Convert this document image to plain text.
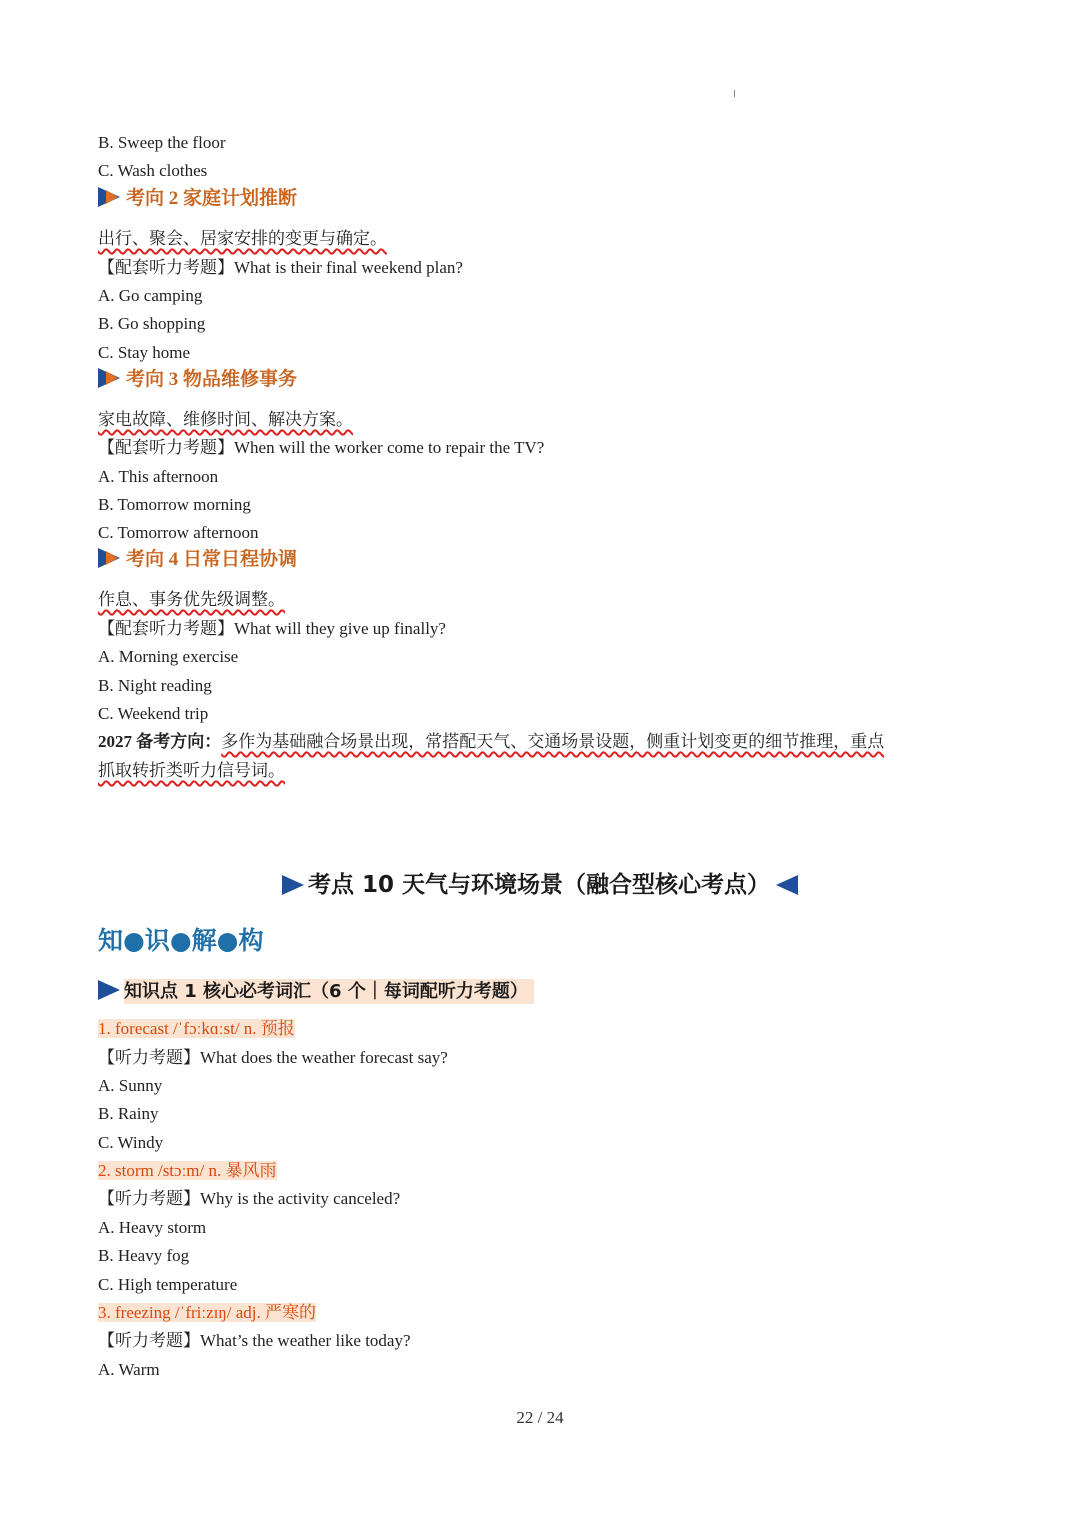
B. Sweep the floor
C. Wash clothes
考向 2 家庭计划推断
出行、聚会、居家安排的变更与确定。
【配套听力考题】What is their final weekend plan?
A. Go camping
B. Go shopping
C. Stay home
考向 3 物品维修事务
家电故障、维修时间、解决方案。
【配套听力考题】When will the worker come to repair the TV?
A. This afternoon
B. Tomorrow morning
C. Tomorrow afternoon
考向 4 日常日程协调
作息、事务优先级调整。
【配套听力考题】What will they give up finally?
A. Morning exercise
B. Night reading
C. Weekend trip
2027 备考方向：多作为基础融合场景出现，常搭配天气、交通场景设题，侧重计划变更的细节推理，重点
抓取转折类听力信号词。
考点 10 天气与环境场景（融合型核心考点）
知●识●解●构
知识点 1 核心必考词汇（6 个｜每词配听力考题）
1. forecast /ˈfɔːkɑːst/ n. 预报
【听力考题】What does the weather forecast say?
A. Sunny
B. Rainy
C. Windy
2. storm /stɔːm/ n. 暴风雨
【听力考题】Why is the activity canceled?
A. Heavy storm
B. Heavy fog
C. High temperature
3. freezing /ˈfriːzɪŋ/ adj. 严寒的
【听力考题】What’s the weather like today?
A. Warm
22 / 24
